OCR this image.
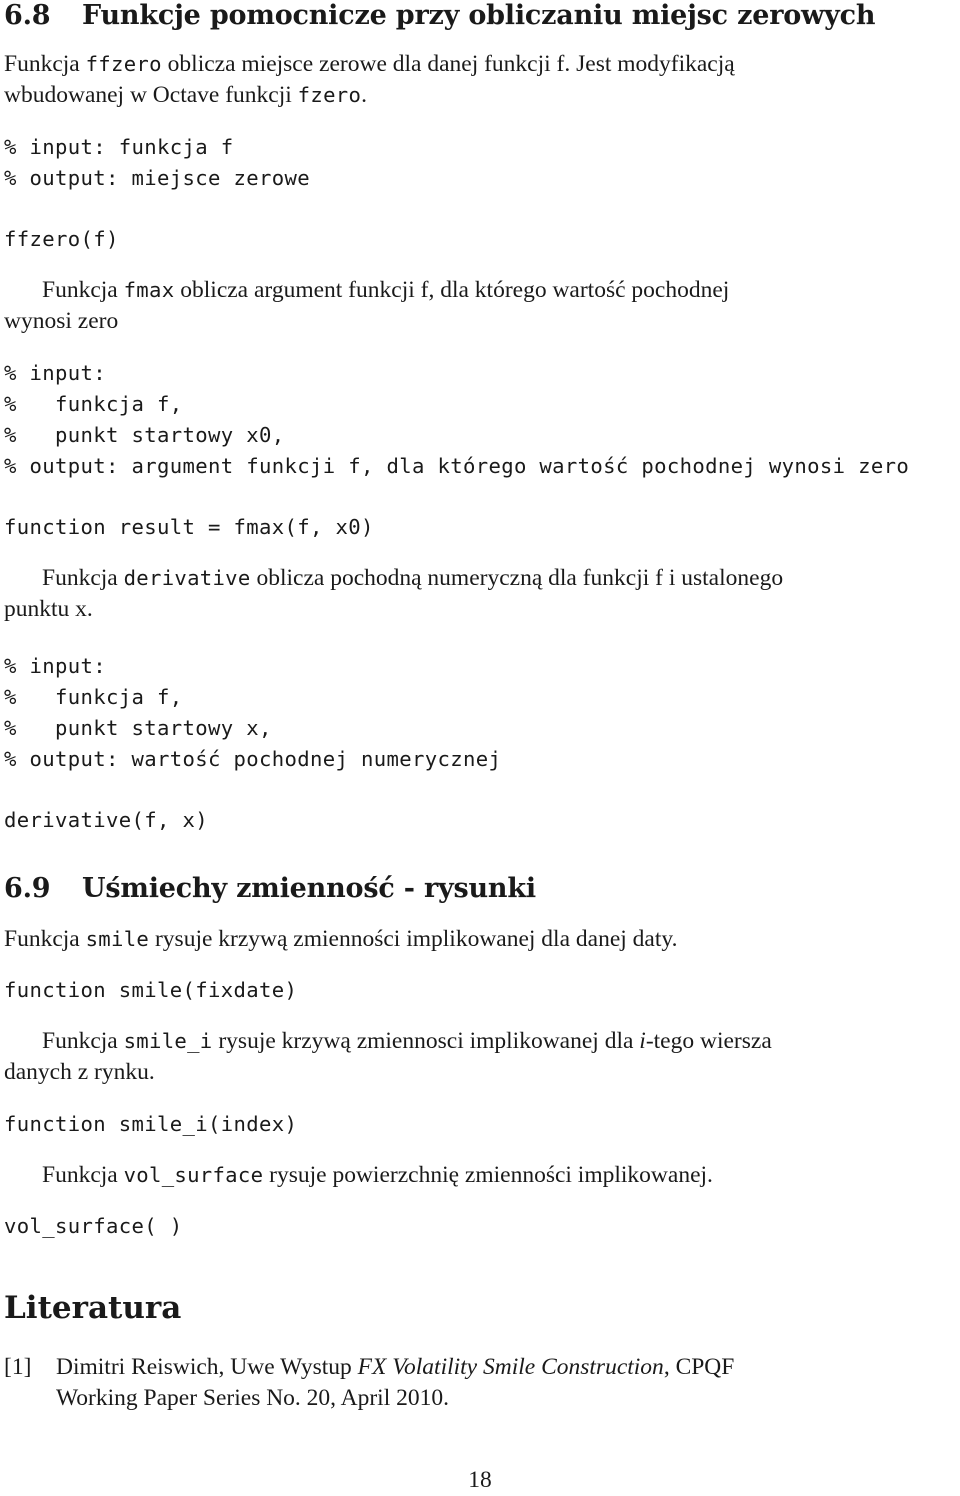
6.8 Funkcje pomocnicze przy obliczaniu miejsc zerowych
Funkcja ffzero oblicza miejsce zerowe dla danej funkcji f. Jest modyfikacją
wbudowanej w Octave funkcji fzero.
% input: funkcja f
% output: miejsce zerowe
ffzero(f)
Funkcja fmax oblicza argument funkcji f, dla którego wartość pochodnej
wynosi zero
% input:
%   funkcja f,
%   punkt startowy x0,
% output: argument funkcji f, dla którego wartość pochodnej wynosi zero
function result = fmax(f, x0)
Funkcja derivative oblicza pochodną numeryczną dla funkcji f i ustalonego
punktu x.
% input:
%   funkcja f,
%   punkt startowy x,
% output: wartość pochodnej numerycznej
derivative(f, x)
6.9 Uśmiechy zmienność - rysunki
Funkcja smile rysuje krzywą zmienności implikowanej dla danej daty.
function smile(fixdate)
Funkcja smile_i rysuje krzywą zmiennosci implikowanej dla i-tego wiersza
danych z rynku.
function smile_i(index)
Funkcja vol_surface rysuje powierzchnię zmienności implikowanej.
vol_surface( )
Literatura
[1] Dimitri Reiswich, Uwe Wystup FX Volatility Smile Construction, CPQF
Working Paper Series No. 20, April 2010.
18
